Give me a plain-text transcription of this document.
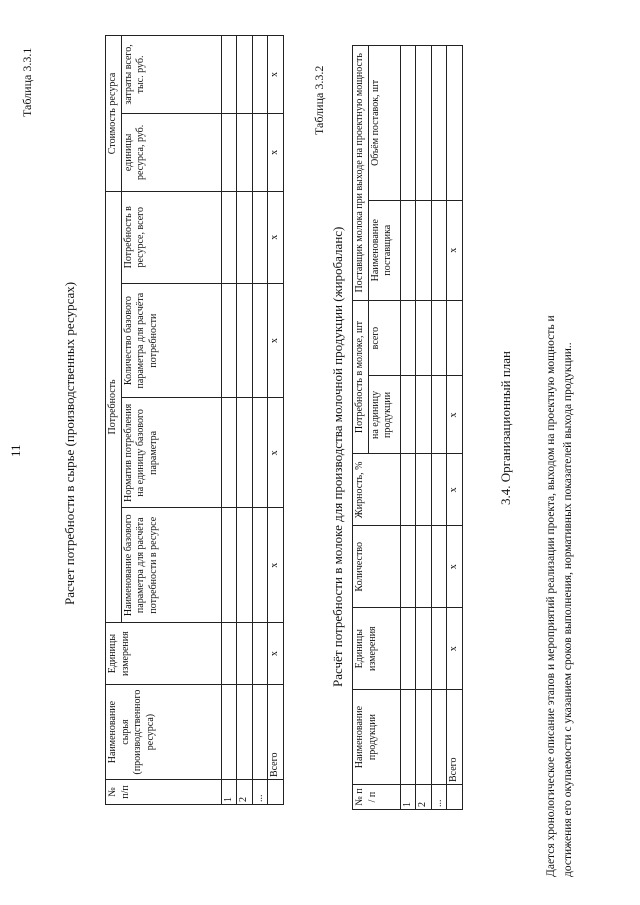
11
Таблица 3.3.1
Расчет потребности в сырье (производственных ресурсах)
№ п/п	Наименование сырья (производственного ресурса)	Единицы измерения	Потребность				Стоимость ресурса	
			Наименование базового параметра для расчёта потребности в ресурсе	Норматив потребления на единицу базового параметра	Количество базового параметра для расчёта потребности	Потребность в ресурсе, всего	единицы ресурса, руб.	затраты всего, тыс. руб.
1								
2								
...								
	Всего	х	х	х	х	х	х	х	Таблица 3.3.2
Расчёт потребности в молоке для производства молочной продукции (жиробаланс)
№ п / п	Наименование продукции	Единицы измерения	Количество	Жирность, %	Потребность в молоке, шт		Поставщик молока при выходе на проектную мощность	
					на единицу продукции	всего	Наименование поставщика	Объём поставок, шт
1								
2								
...								
	Всего	х	х	х	х		х	
3.4. Организационный план	Дается хронологическое описание этапов и мероприятий реализации проекта, выходом на проектную мощность и достижения его окупаемости с указанием сроков выполнения, нормативных показателей выхода продукции..
